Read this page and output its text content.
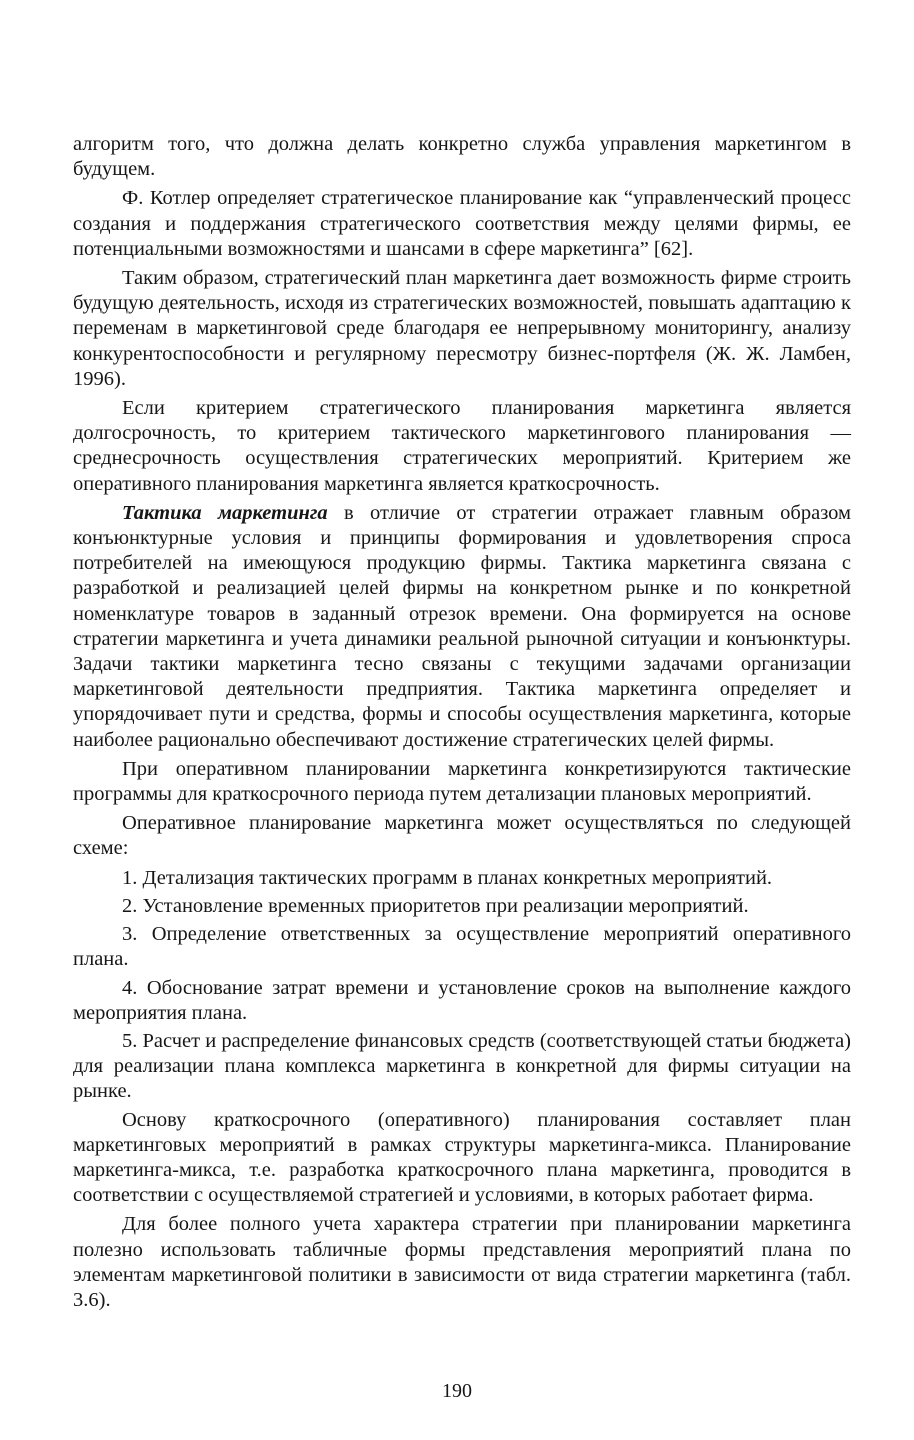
алгоритм того, что должна делать конкретно служба управления маркетингом в будущем.

Ф. Котлер определяет стратегическое планирование как “управленческий процесс создания и поддержания стратегического соответствия между целями фирмы, ее потенциальными возможностями и шансами в сфере маркетинга” [62].

Таким образом, стратегический план маркетинга дает возможность фирме строить будущую деятельность, исходя из стратегических возможностей, повышать адаптацию к переменам в маркетинговой среде благодаря ее непрерывному мониторингу, анализу конкурентоспособности и регулярному пересмотру бизнес-портфеля (Ж. Ж. Ламбен, 1996).

Если критерием стратегического планирования маркетинга является долгосрочность, то критерием тактического маркетингового планирования — среднесрочность осуществления стратегических мероприятий. Критерием же оперативного планирования маркетинга является краткосрочность.

Тактика маркетинга в отличие от стратегии отражает главным образом конъюнктурные условия и принципы формирования и удовлетворения спроса потребителей на имеющуюся продукцию фирмы. Тактика маркетинга связана с разработкой и реализацией целей фирмы на конкретном рынке и по конкретной номенклатуре товаров в заданный отрезок времени. Она формируется на основе стратегии маркетинга и учета динамики реальной рыночной ситуации и конъюнктуры. Задачи тактики маркетинга тесно связаны с текущими задачами организации маркетинговой деятельности предприятия. Тактика маркетинга определяет и упорядочивает пути и средства, формы и способы осуществления маркетинга, которые наиболее рационально обеспечивают достижение стратегических целей фирмы.

При оперативном планировании маркетинга конкретизируются тактические программы для краткосрочного периода путем детализации плановых мероприятий.

Оперативное планирование маркетинга может осуществляться по следующей схеме:

1. Детализация тактических программ в планах конкретных мероприятий.

2. Установление временных приоритетов при реализации мероприятий.

3. Определение ответственных за осуществление мероприятий оперативного плана.

4. Обоснование затрат времени и установление сроков на выполнение каждого мероприятия плана.

5. Расчет и распределение финансовых средств (соответствующей статьи бюджета) для реализации плана комплекса маркетинга в конкретной для фирмы ситуации на рынке.

Основу краткосрочного (оперативного) планирования составляет план маркетинговых мероприятий в рамках структуры маркетинга-микса. Планирование маркетинга-микса, т.е. разработка краткосрочного плана маркетинга, проводится в соответствии с осуществляемой стратегией и условиями, в которых работает фирма.

Для более полного учета характера стратегии при планировании маркетинга полезно использовать табличные формы представления мероприятий плана по элементам маркетинговой политики в зависимости от вида стратегии маркетинга (табл. 3.6).

190
